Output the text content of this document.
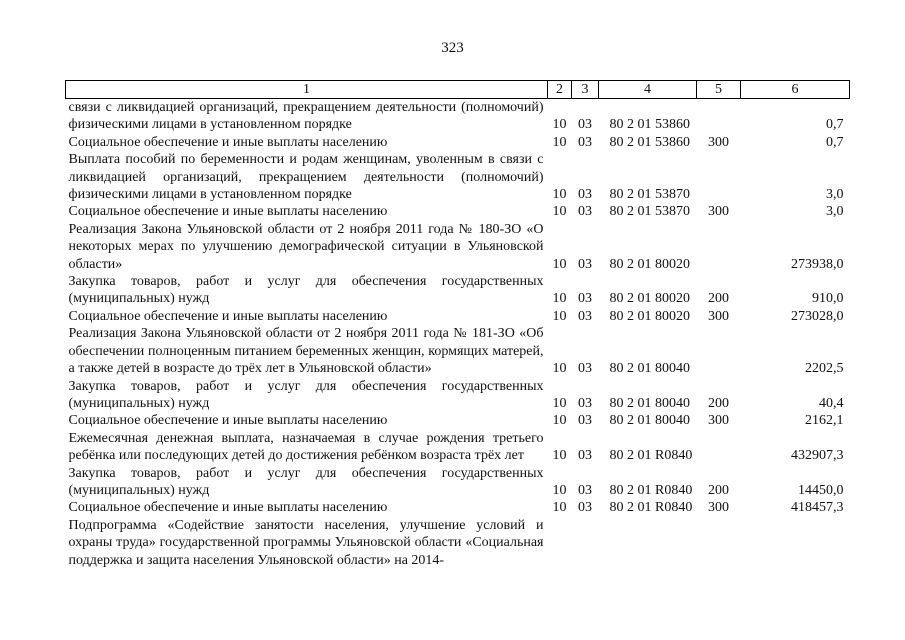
323
1	2	3	4	5	6
связи с ликвидацией организаций, прекращением деятельности (полномочий) физическими лицами в установленном порядке	10	03	80 2 01 53860		0,7
Социальное обеспечение и иные выплаты населению	10	03	80 2 01 53860	300	0,7
Выплата пособий по беременности и родам женщинам, уволенным в связи с ликвидацией организаций, прекращением деятельности (полномочий) физическими лицами в установленном порядке	10	03	80 2 01 53870		3,0
Социальное обеспечение и иные выплаты населению	10	03	80 2 01 53870	300	3,0
Реализация Закона Ульяновской области от 2 ноября 2011 года № 180-ЗО «О некоторых мерах по улучшению демографической ситуации в Ульяновской области»	10	03	80 2 01 80020		273938,0
Закупка товаров, работ и услуг для обеспечения государственных (муниципальных) нужд	10	03	80 2 01 80020	200	910,0
Социальное обеспечение и иные выплаты населению	10	03	80 2 01 80020	300	273028,0
Реализация Закона Ульяновской области от 2 ноября 2011 года № 181-ЗО «Об обеспечении полноценным питанием беременных женщин, кормящих матерей, а также детей в возрасте до трёх лет в Ульяновской области»	10	03	80 2 01 80040		2202,5
Закупка товаров, работ и услуг для обеспечения государственных (муниципальных) нужд	10	03	80 2 01 80040	200	40,4
Социальное обеспечение и иные выплаты населению	10	03	80 2 01 80040	300	2162,1
Ежемесячная денежная выплата, назначаемая в случае рождения третьего ребёнка или последующих детей до достижения ребёнком возраста трёх лет	10	03	80 2 01 R0840		432907,3
Закупка товаров, работ и услуг для обеспечения государственных (муниципальных) нужд	10	03	80 2 01 R0840	200	14450,0
Социальное обеспечение и иные выплаты населению	10	03	80 2 01 R0840	300	418457,3
Подпрограмма «Содействие занятости населения, улучшение условий и охраны труда» государственной программы Ульяновской области «Социальная поддержка и защита населения Ульяновской области» на 2014-					
